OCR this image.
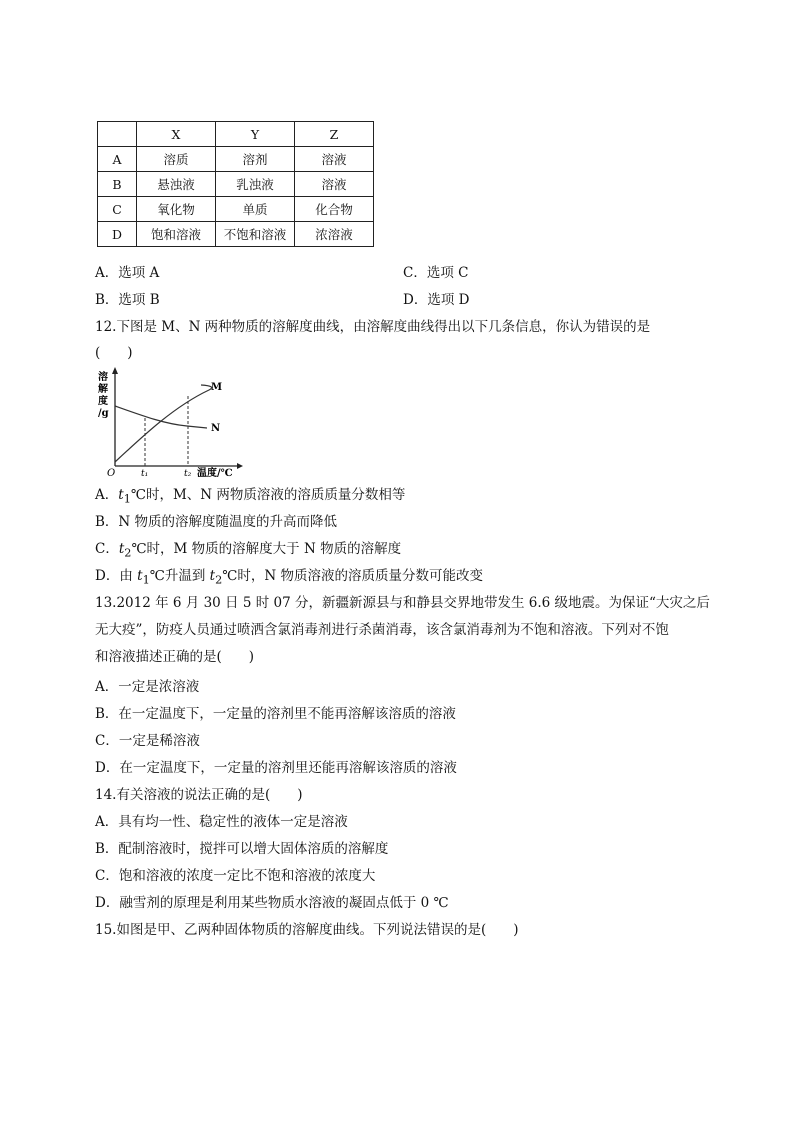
	X	Y	Z
A	溶质	溶剂	溶液
B	悬浊液	乳浊液	溶液
C	氧化物	单质	化合物
D	饱和溶液	不饱和溶液	浓溶液
A．选项 A	C．选项 C
B．选项 B	D．选项 D
12.下图是 M、N 两种物质的溶解度曲线，由溶解度曲线得出以下几条信息，你认为错误的是
(　　)
溶
解
度
/g
M
N
O	t₁	t₂ 温度/℃
A．$t_1℃$时，M、N 两物质溶液的溶质质量分数相等
B．N 物质的溶解度随温度的升高而降低
C．$t_2℃$时，M 物质的溶解度大于 N 物质的溶解度
D．由 $t_1℃$升温到 $t_2℃$时，N 物质溶液的溶质质量分数可能改变
13.2012 年 6 月 30 日 5 时 07 分，新疆新源县与和静县交界地带发生 6.6 级地震。为保证“大灾之后
无大疫”，防疫人员通过喷洒含氯消毒剂进行杀菌消毒，该含氯消毒剂为不饱和溶液。下列对不饱
和溶液描述正确的是(　　)
A．一定是浓溶液
B．在一定温度下，一定量的溶剂里不能再溶解该溶质的溶液
C．一定是稀溶液
D．在一定温度下，一定量的溶剂里还能再溶解该溶质的溶液
14.有关溶液的说法正确的是(　　)
A．具有均一性、稳定性的液体一定是溶液
B．配制溶液时，搅拌可以增大固体溶质的溶解度
C．饱和溶液的浓度一定比不饱和溶液的浓度大
D．融雪剂的原理是利用某些物质水溶液的凝固点低于 0 ℃
15.如图是甲、乙两种固体物质的溶解度曲线。下列说法错误的是(　　)
